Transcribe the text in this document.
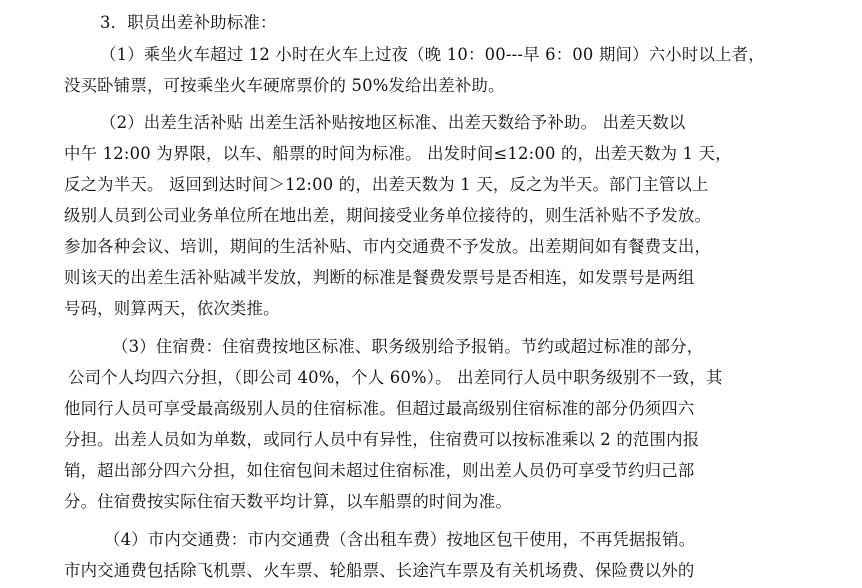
3．职员出差补助标准：
（1）乘坐火车超过 12 小时在火车上过夜（晚 10：00---早 6：00 期间）六小时以上者，
没买卧铺票，可按乘坐火车硬席票价的 50%发给出差补助。
（2）出差生活补贴 出差生活补贴按地区标准、出差天数给予补助。 出差天数以
中午 12:00 为界限，以车、船票的时间为标准。 出发时间≤12:00 的，出差天数为 1 天，
反之为半天。 返回到达时间＞12:00 的，出差天数为 1 天，反之为半天。部门主管以上
级别人员到公司业务单位所在地出差，期间接受业务单位接待的，则生活补贴不予发放。
参加各种会议、培训，期间的生活补贴、市内交通费不予发放。出差期间如有餐费支出，
则该天的出差生活补贴减半发放，判断的标准是餐费发票号是否相连，如发票号是两组
号码，则算两天，依次类推。
（3）住宿费：住宿费按地区标准、职务级别给予报销。节约或超过标准的部分，
公司个人均四六分担，（即公司 40%，个人 60%）。 出差同行人员中职务级别不一致，其
他同行人员可享受最高级别人员的住宿标准。但超过最高级别住宿标准的部分仍须四六
分担。出差人员如为单数，或同行人员中有异性，住宿费可以按标准乘以 2 的范围内报
销，超出部分四六分担，如住宿包间未超过住宿标准，则出差人员仍可享受节约归己部
分。住宿费按实际住宿天数平均计算，以车船票的时间为准。
（4）市内交通费：市内交通费（含出租车费）按地区包干使用，不再凭据报销。
市内交通费包括除飞机票、火车票、轮船票、长途汽车票及有关机场费、保险费以外的
